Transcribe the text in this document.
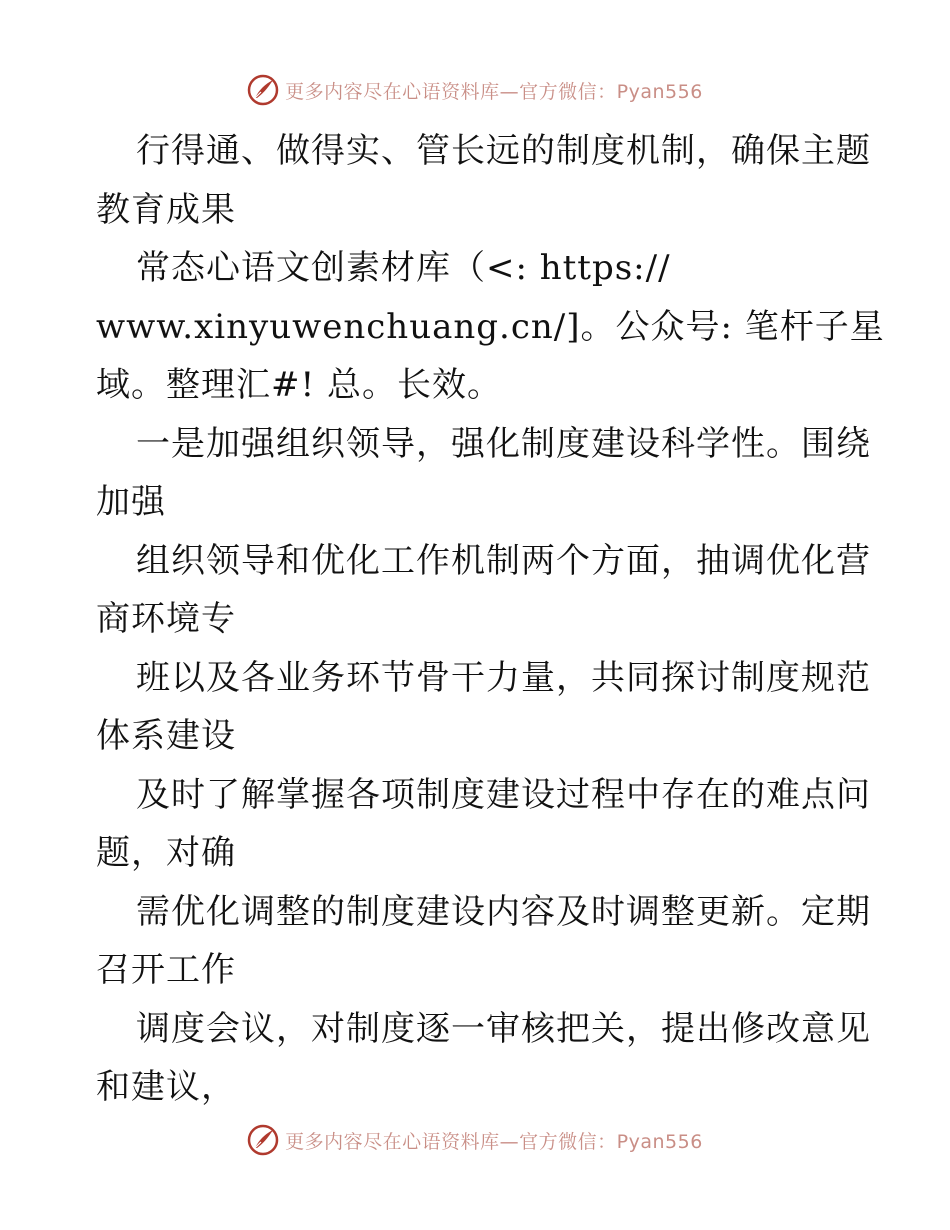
更多内容尽在心语资料库—官方微信：Pyan556
行得通、做得实、管长远的制度机制，确保主题
教育成果
常态心语文创素材库（<: https://
www.xinyuwenchuang.cn/]。公众号: 笔杆子星
域。整理汇#! 总。长效。
一是加强组织领导，强化制度建设科学性。围绕
加强
组织领导和优化工作机制两个方面，抽调优化营
商环境专
班以及各业务环节骨干力量，共同探讨制度规范
体系建设
及时了解掌握各项制度建设过程中存在的难点问
题，对确
需优化调整的制度建设内容及时调整更新。定期
召开工作
调度会议，对制度逐一审核把关，提出修改意见
和建议，
更多内容尽在心语资料库—官方微信：Pyan556
